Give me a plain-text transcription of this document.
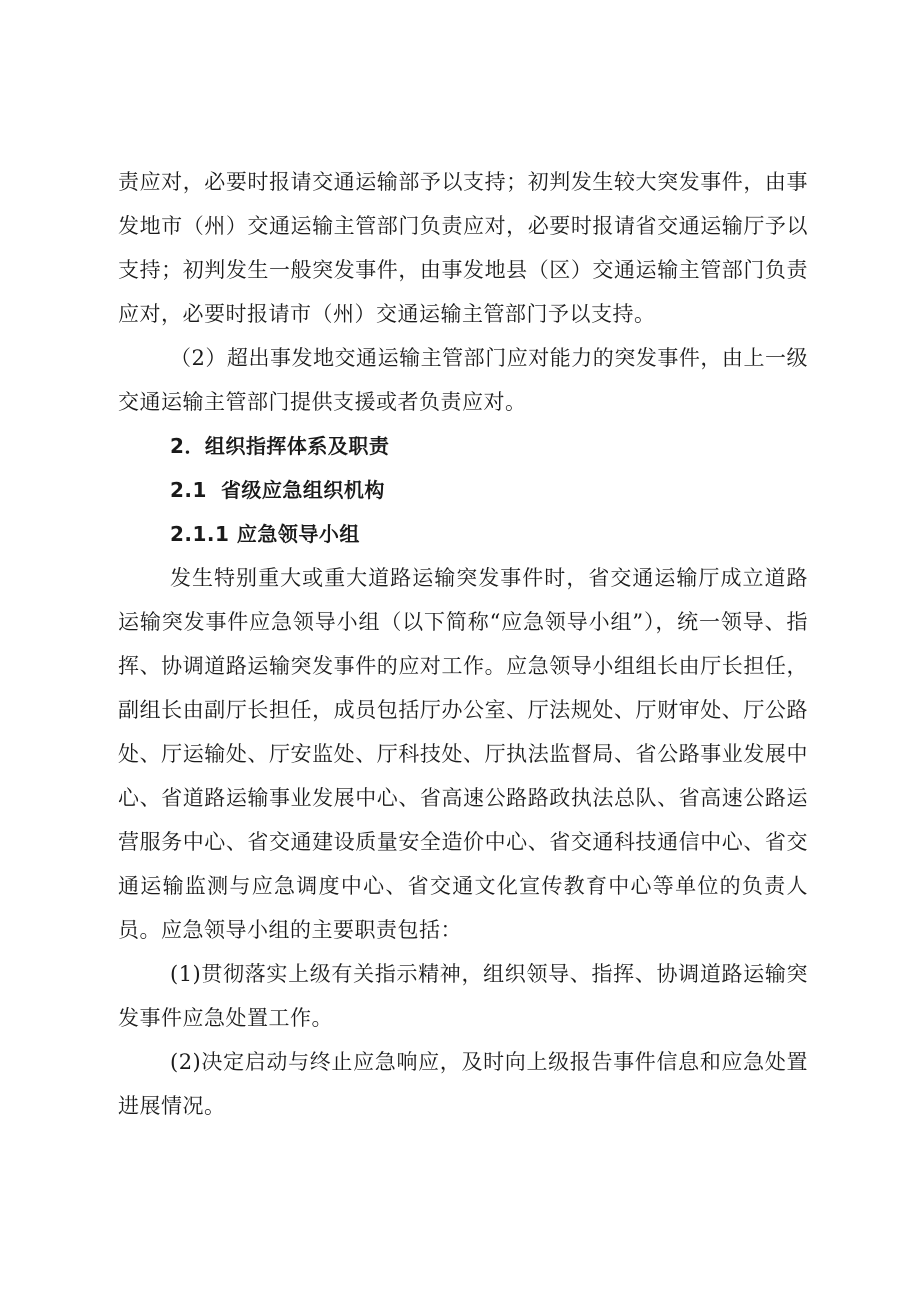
责应对，必要时报请交通运输部予以支持；初判发生较大突发事件，由事发地市（州）交通运输主管部门负责应对，必要时报请省交通运输厅予以支持；初判发生一般突发事件，由事发地县（区）交通运输主管部门负责应对，必要时报请市（州）交通运输主管部门予以支持。

（2）超出事发地交通运输主管部门应对能力的突发事件，由上一级交通运输主管部门提供支援或者负责应对。

2．组织指挥体系及职责
2.1 省级应急组织机构
2.1.1 应急领导小组

发生特别重大或重大道路运输突发事件时，省交通运输厅成立道路运输突发事件应急领导小组（以下简称“应急领导小组”），统一领导、指挥、协调道路运输突发事件的应对工作。应急领导小组组长由厅长担任，副组长由副厅长担任，成员包括厅办公室、厅法规处、厅财审处、厅公路处、厅运输处、厅安监处、厅科技处、厅执法监督局、省公路事业发展中心、省道路运输事业发展中心、省高速公路路政执法总队、省高速公路运营服务中心、省交通建设质量安全造价中心、省交通科技通信中心、省交通运输监测与应急调度中心、省交通文化宣传教育中心等单位的负责人员。应急领导小组的主要职责包括：

(1)贯彻落实上级有关指示精神，组织领导、指挥、协调道路运输突发事件应急处置工作。

(2)决定启动与终止应急响应，及时向上级报告事件信息和应急处置进展情况。
